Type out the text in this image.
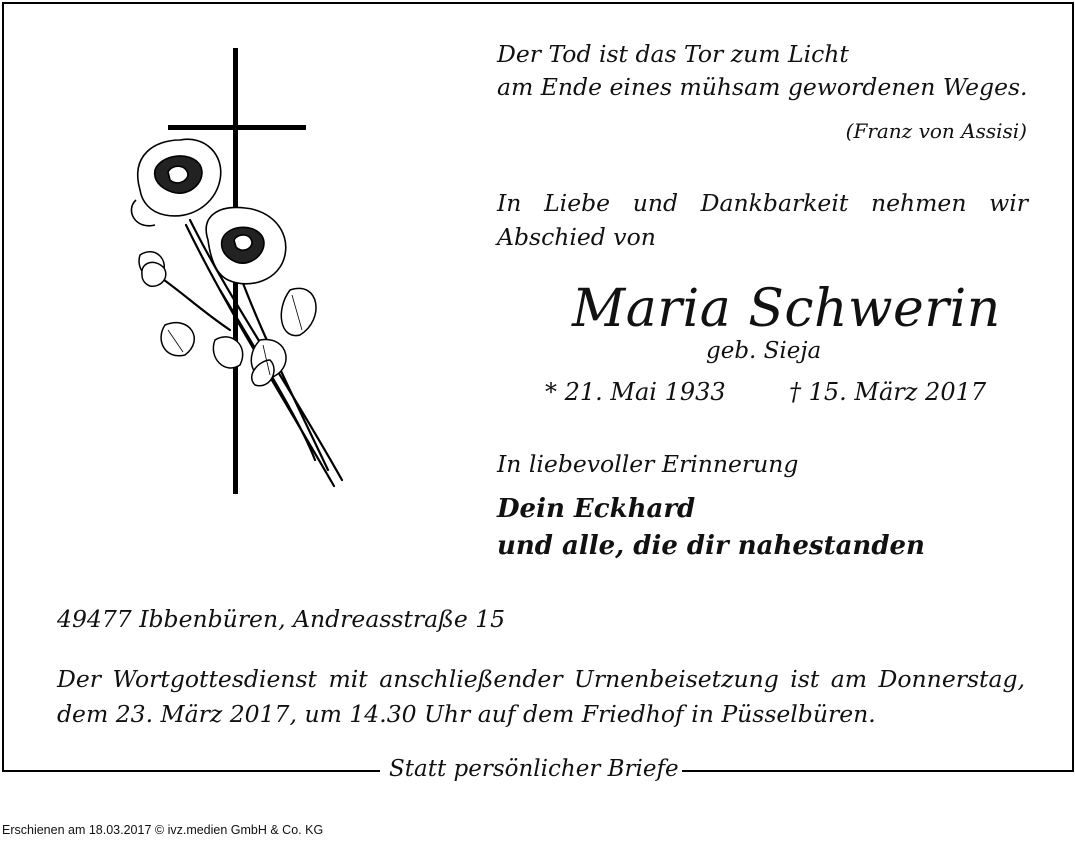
Der Tod ist das Tor zum Licht
am Ende eines mühsam gewordenen Weges.
(Franz von Assisi)
In Liebe und Dankbarkeit nehmen wir
Abschied von
Maria Schwerin
geb. Sieja
* 21. Mai 1933	† 15. März 2017
In liebevoller Erinnerung
Dein Eckhard
und alle, die dir nahestanden
49477 Ibbenbüren, Andreasstraße 15
Der Wortgottesdienst mit anschließender Urnenbeisetzung ist am Donnerstag,
dem 23. März 2017, um 14.30 Uhr auf dem Friedhof in Püsselbüren.
Statt persönlicher Briefe
Erschienen am 18.03.2017 © ivz.medien GmbH & Co. KG
